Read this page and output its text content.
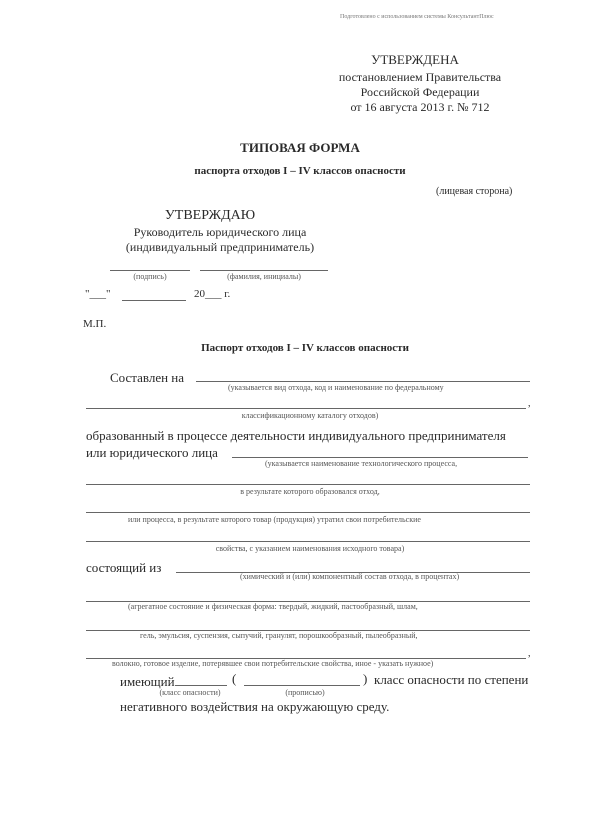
Подготовлено с использованием системы КонсультантПлюс
УТВЕРЖДЕНА
постановлением Правительства
Российской Федерации
от 16 августа 2013 г. № 712
ТИПОВАЯ ФОРМА
паспорта отходов I – IV классов опасности
(лицевая сторона)
УТВЕРЖДАЮ
Руководитель юридического лица
(индивидуальный предприниматель)
(подпись)	(фамилия, инициалы)
"___"	20___ г.
М.П.
Паспорт отходов I – IV классов опасности
Составлен на
(указывается вид отхода, код и наименование по федеральному
,
классификационному каталогу отходов)
образованный в процессе деятельности индивидуального предпринимателя
или юридического лица
(указывается наименование технологического процесса,
в результате которого образовался отход,
или процесса, в результате которого товар (продукция) утратил свои потребительские
свойства, с указанием наименования исходного товара)
состоящий из
(химический и (или) компонентный состав отхода, в процентах)
(агрегатное состояние и физическая форма: твердый, жидкий, пастообразный, шлам,
гель, эмульсия, суспензия, сыпучий, гранулят, порошкообразный, пылеобразный,
,
волокно, готовое изделие, потерявшее свои потребительские свойства, иное - указать нужное)
имеющий	(	) класс опасности по степени
(класс опасности)	(прописью)
негативного воздействия на окружающую среду.
